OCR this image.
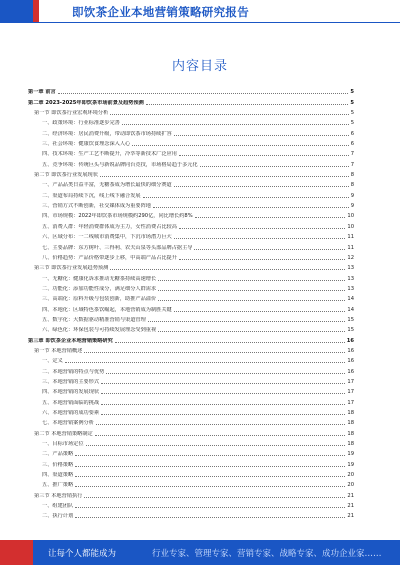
即饮茶企业本地营销策略研究报告
内容目录
第一章 前言	5
第二章 2023-2025年即饮茶市场前景及趋势预测	5
第一节 即饮茶行业宏观环境分析	5
一、政策环境：行业标准逐步完善	5
二、经济环境：居民消费升级，带动即饮茶市场持续扩容	6
三、社会环境：健康饮食理念深入人心	6
四、技术环境：生产工艺不断提升，冷萃等新技术广泛应用	7
五、竞争环境：传统巨头与新锐品牌同台竞技，市场格局趋于多元化	7
第二节 即饮茶行业发展现状	8
一、产品品类日益丰富，无糖茶成为增长最快的细分赛道	8
二、渠道布局持续下沉，线上线下融合发展	9
三、营销方式不断创新，社交媒体成为重要阵地	9
四、市场规模：2022年即饮茶市场规模约290亿，同比增长约8%	10
五、消费人群：年轻消费群体成为主力，女性消费占比较高	10
六、区域分布：一二线城市消费集中，下沉市场潜力巨大	11
七、主要品牌：东方树叶、三得利、农夫山泉等头部品牌占据主导	11
八、价格趋势：产品价格带逐步上移，中高端产品占比提升	12
第三节 即饮茶行业发展趋势预测	13
一、无糖化：健康化诉求推动无糖茶持续高速增长	13
二、功能化：添加功能性成分，满足细分人群需求	13
三、高端化：原料升级与包装创新，助推产品溢价	14
四、本地化：区域特色茶饮崛起，本地营销成为制胜关键	14
五、数字化：大数据驱动精准营销与渠道管理	15
六、绿色化：环保包装与可持续发展理念受到重视	15
第三章 即饮茶企业本地营销策略研究	16
第一节 本地营销概述	16
一、定义	16
二、本地营销的特点与优势	16
三、本地营销的主要形式	17
四、本地营销的发展现状	17
五、本地营销面临的挑战	17
六、本地营销的成功要素	18
七、本地营销案例分析	18
第二节 本地营销策略制定	18
一、目标市场定位	18
二、产品策略	19
三、价格策略	19
四、渠道策略	20
五、推广策略	20
第三节 本地营销执行	21
一、组建团队	21
二、执行计划	21
让每个人都能成为	行业专家、管理专家、营销专家、战略专家、成功企业家……
